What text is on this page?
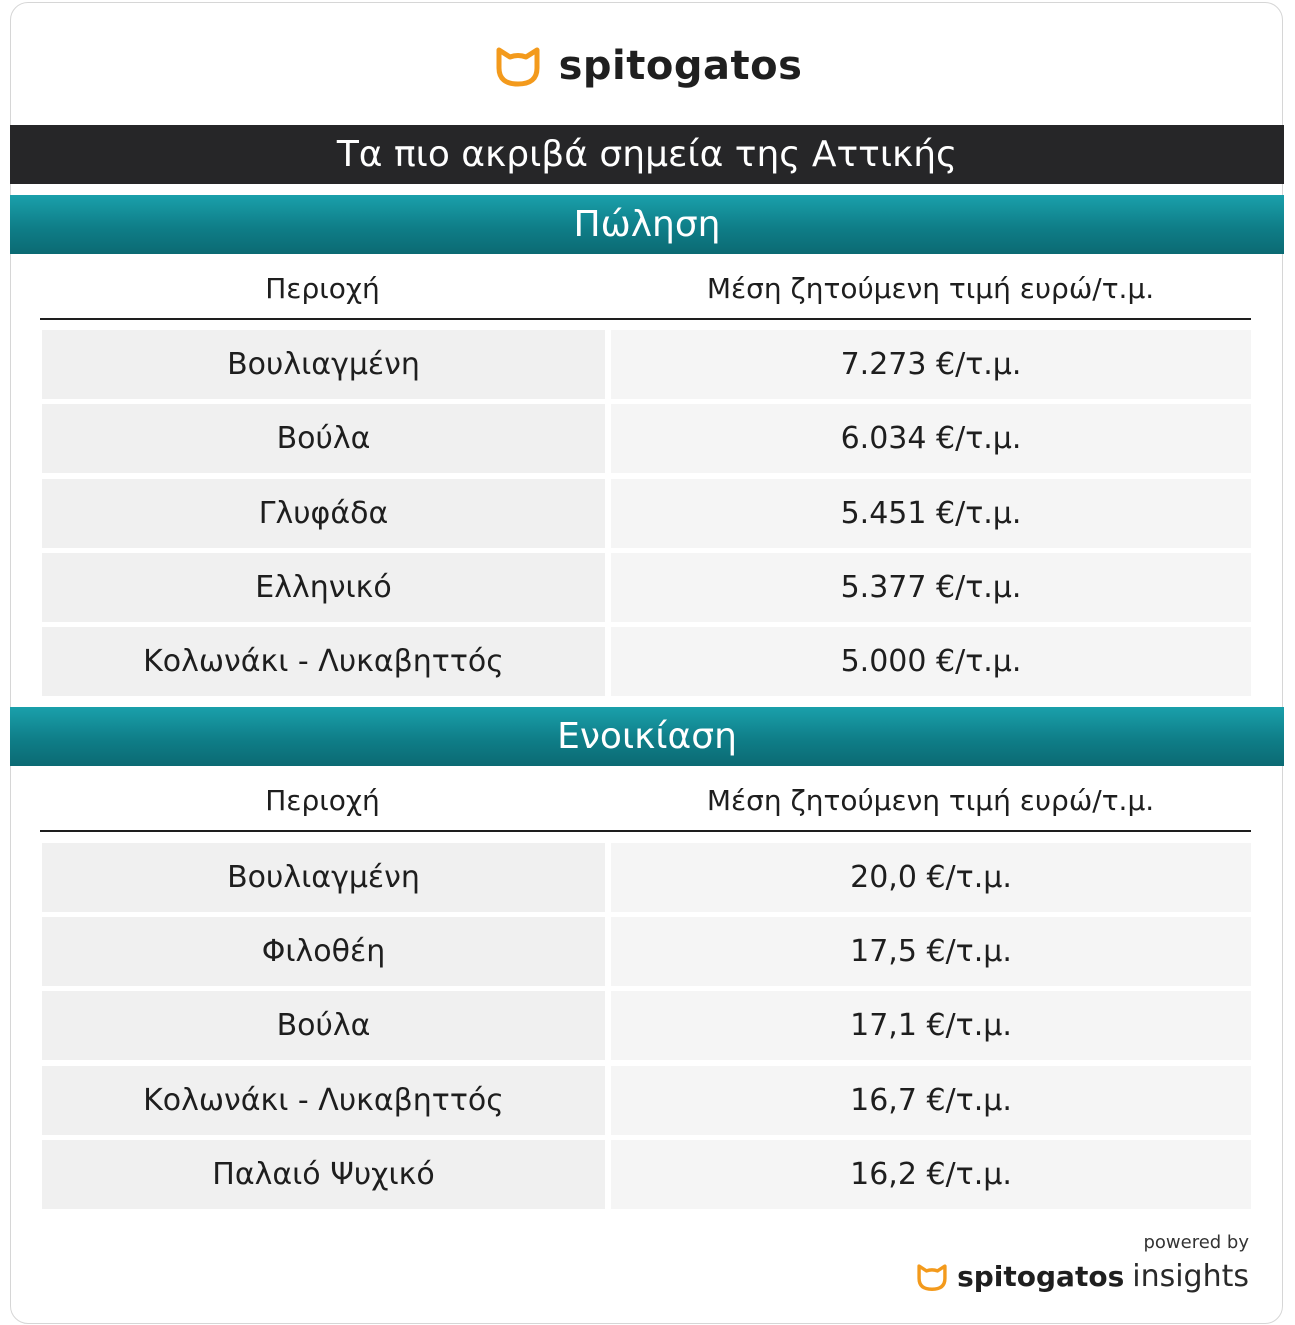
spitogatos
Τα πιο ακριβά σημεία της Αττικής
Πώληση
Περιοχή	Μέση ζητούμενη τιμή ευρώ/τ.μ.
Βουλιαγμένη	7.273 €/τ.μ.
Βούλα	6.034 €/τ.μ.
Γλυφάδα	5.451 €/τ.μ.
Ελληνικό	5.377 €/τ.μ.
Κολωνάκι - Λυκαβηττός	5.000 €/τ.μ.
Ενοικίαση
Περιοχή	Μέση ζητούμενη τιμή ευρώ/τ.μ.
Βουλιαγμένη	20,0 €/τ.μ.
Φιλοθέη	17,5 €/τ.μ.
Βούλα	17,1 €/τ.μ.
Κολωνάκι - Λυκαβηττός	16,7 €/τ.μ.
Παλαιό Ψυχικό	16,2 €/τ.μ.
powered by
spitogatos insights
